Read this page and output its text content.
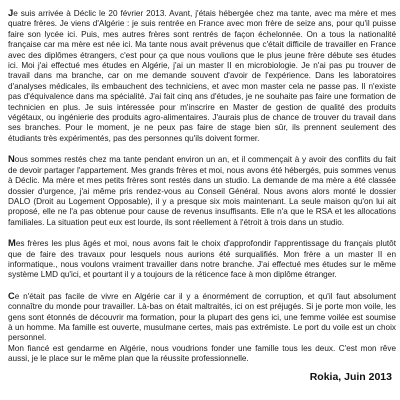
Je suis arrivée à Déclic le 20 février 2013. Avant, j'étais hébergée chez ma tante, avec ma mère et mes quatre frères. Je viens d'Algérie : je suis rentrée en France avec mon frère de seize ans, pour qu'il puisse faire son lycée ici. Puis, mes autres frères sont rentrés de façon échelonnée. On a tous la nationalité française car ma mère est née ici. Ma tante nous avait prévenus que c'était difficile de travailler en France avec des diplômes étrangers, c'est pour ça que nous voulions que le plus jeune frère débute ses études ici. Moi j'ai effectué mes études en Algérie, j'ai un master II en microbiologie. Je n'ai pas pu trouver de travail dans ma branche, car on me demande souvent d'avoir de l'expérience. Dans les laboratoires d'analyses médicales, ils embauchent des techniciens, et avec mon master cela ne passe pas. Il n'existe pas d'équivalence dans ma spécialité. J'ai fait cinq ans d'études, je ne souhaite pas faire une formation de technicien en plus. Je suis intéressée pour m'inscrire en Master de gestion de qualité des produits végétaux, ou ingénierie des produits agro-alimentaires. J'aurais plus de chance de trouver du travail dans ses branches. Pour le moment, je ne peux pas faire de stage bien sûr, ils prennent seulement des étudiants très expérimentés, pas des personnes qu'ils doivent former.

Nous sommes restés chez ma tante pendant environ un an, et il commençait à y avoir des conflits du fait de devoir partager l'appartement. Mes grands frères et moi, nous avons été hébergés, puis sommes venus à Déclic. Ma mère et mes petits frères sont restés dans un studio. La demande de ma mère a été classée dossier d'urgence, j'ai même pris rendez-vous au Conseil Général. Nous avons alors monté le dossier DALO (Droit au Logement Opposable), il y a presque six mois maintenant. La seule maison qu'on lui ait proposé, elle ne l'a pas obtenue pour cause de revenus insuffisants. Elle n'a que le RSA et les allocations familiales. La situation peut eux est lourde, ils sont réellement à l'étroit à trois dans un studio.

Mes frères les plus âgés et moi, nous avons fait le choix d'approfondir l'apprentissage du français plutôt que de faire des travaux pour lesquels nous aurions été surqualifiés. Mon frère a un master II en informatique., nous voulons vraiment travailler dans notre branche. J'ai effectué mes études sur le même système LMD qu'ici, et pourtant il y a toujours de la réticence face à mon diplôme étranger.

Ce n'était pas facile de vivre en Algérie car il y a énormément de corruption, et qu'il faut absolument connaître du monde pour travailler. Là-bas on était maltraités, ici on est préjugés. Si je porte mon voile, les gens sont étonnés de découvrir ma formation, pour la plupart des gens ici, une femme voilée est soumise à un homme. Ma famille est ouverte, musulmane certes, mais pas extrémiste. Le port du voile est un choix personnel.

Mon fiancé est gendarme en Algérie, nous voudrions fonder une famille tous les deux. C'est mon rêve aussi, je le place sur le même plan que la réussite professionnelle.

Rokia, Juin 2013
